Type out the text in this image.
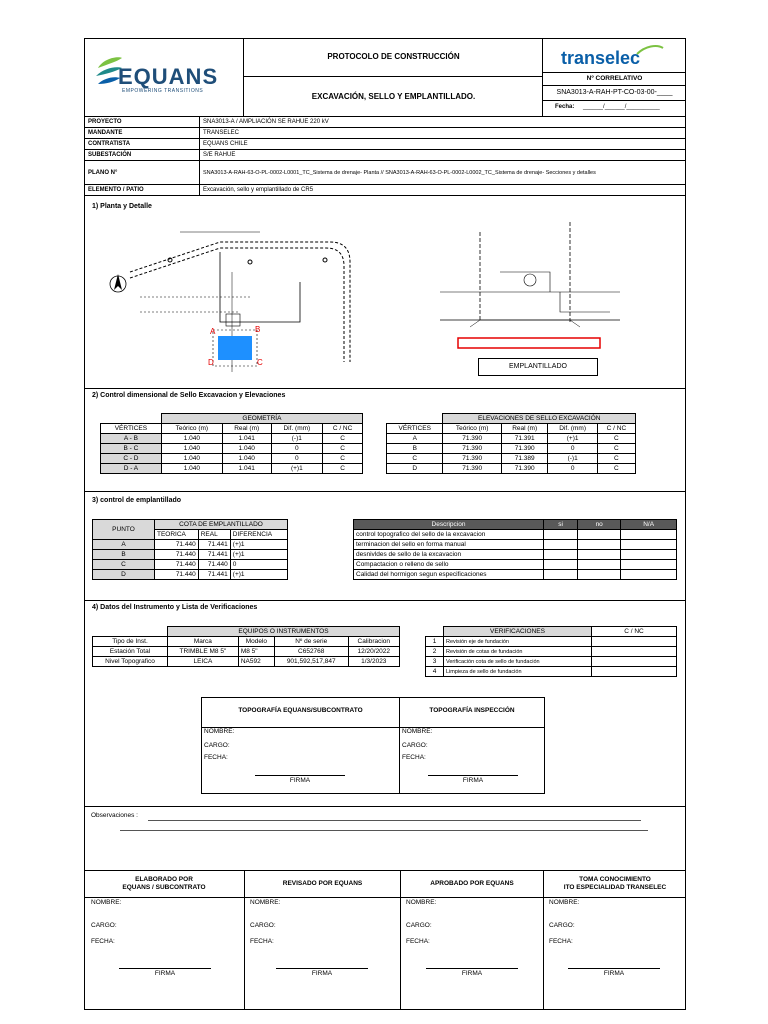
EQUANS
EMPOWERING TRANSITIONS
PROTOCOLO DE CONSTRUCCIÓN
EXCAVACIÓN, SELLO Y EMPLANTILLADO.
transelec
Nº CORRELATIVO
SNA3013-A-RAH-PT-CO-03-00-____
Fecha: ______/______/__________
PROYECTO	SNA3013-A / AMPLIACIÓN SE RAHUE 220 kV
MANDANTE	TRANSELEC
CONTRATISTA	EQUANS CHILE
SUBESTACIÓN	S/E RAHUE
PLANO N°	SNA3013-A-RAH-63-O-PL-0002-L0001_TC_Sistema de drenaje- Planta // SNA3013-A-RAH-63-O-PL-0002-L0002_TC_Sistema de drenaje- Secciones y detalles
ELEMENTO / PATIO	Excavación, sello y emplantillado de CR5
1) Planta y Detalle
A	B
C
D	EMPLANTILLADO
2) Control dimensional de Sello Excavacion y Elevaciones
	GEOMETRÍA			
VÉRTICES	Teórico (m)	Real (m)	Dif. (mm)	C / NC
A - B	1.040	1.041	(-)1	C
B - C	1.040	1.040	0	C
C - D	1.040	1.040	0	C
D - A	1.040	1.041	(+)1	C
	ELEVACIONES DE SELLO EXCAVACIÓN			
VÉRTICES	Teórico (m)	Real (m)	Dif. (mm)	C / NC
A	71.390	71.391	(+)1	C
B	71.390	71.390	0	C
C	71.390	71.389	(-)1	C
D	71.390	71.390	0	C
3) control de emplantillado
PUNTO	COTA DE EMPLANTILLADO		
	TEORICA	REAL	DIFERENCIA
A	71.440	71.441	(+)1
B	71.440	71.441	(+)1
C	71.440	71.440	0
D	71.440	71.441	(+)1
Descripcion	si	no	N/A
control topografico del sello de la excavacion			
terminacion del sello en forma manual			
desnivldes de sello de la excavacion			
Compactacion o relleno de sello			
Calidad del hormigon segun especificaciones			
4) Datos del Instrumento y Lista de Verificaciones
	EQUIPOS O INSTRUMENTOS			
Tipo de Inst.	Marca	Modelo	Nº de serie	Calibracion
Estación Total	TRIMBLE M8 5"	M8 5"	C652768	12/20/2022
Nivel Topografico	LEICA	NA592	901,592,517,847	1/3/2023
	VERIFICACIONES	C / NC
1	Revisión eje de fundación	
2	Revisión de cotas de fundación	
3	Verificación cota de sello de fundación	
4	Limpieza de sello de fundación	
TOPOGRAFÍA EQUANS/SUBCONTRATO	TOPOGRAFÍA INSPECCIÓN
NOMBRE:
CARGO:
FECHA:
FIRMA
NOMBRE:
CARGO:
FECHA:
FIRMA
Observaciones :
ELABORADO POR
EQUANS / SUBCONTRATO
NOMBRE:
CARGO:
FECHA:
FIRMA
REVISADO POR EQUANS
NOMBRE:
CARGO:
FECHA:
FIRMA
APROBADO POR EQUANS
NOMBRE:
CARGO:
FECHA:
FIRMA
TOMA CONOCIMIENTO
ITO ESPECIALIDAD TRANSELEC
NOMBRE:
CARGO:
FECHA:
FIRMA
